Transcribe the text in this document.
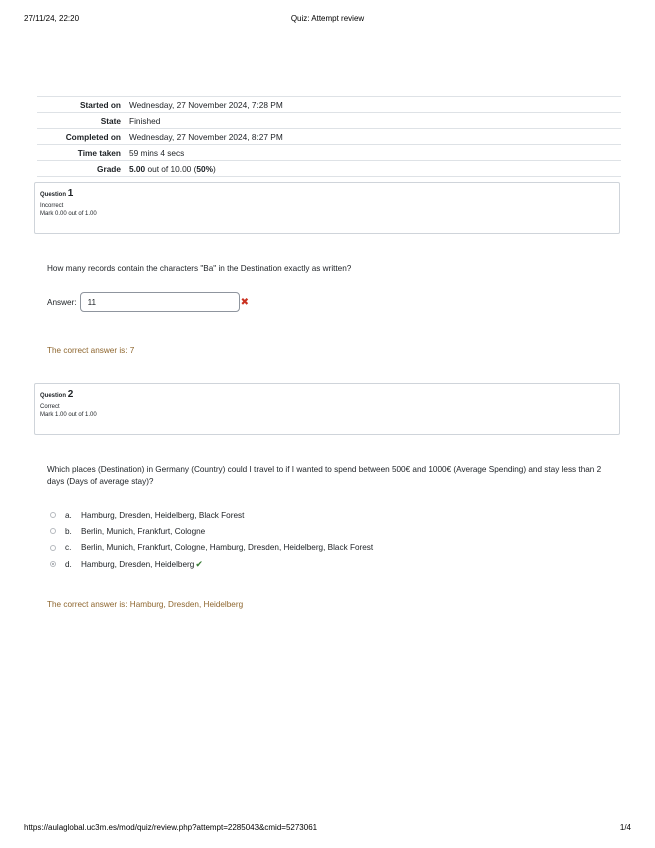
27/11/24, 22:20	Quiz: Attempt review
Started on	Wednesday, 27 November 2024, 7:28 PM
State	Finished
Completed on	Wednesday, 27 November 2024, 8:27 PM
Time taken	59 mins 4 secs
Grade	5.00 out of 10.00 (50%)
Question 1
Incorrect
Mark 0.00 out of 1.00
How many records contain the characters "Ba" in the Destination exactly as written?
Answer: 11	✖
The correct answer is: 7
Question 2
Correct
Mark 1.00 out of 1.00
Which places (Destination) in Germany (Country) could I travel to if I wanted to spend between 500€ and 1000€ (Average Spending) and stay less than 2 days (Days of average stay)?
a.	Hamburg, Dresden, Heidelberg, Black Forest
b.	Berlin, Munich, Frankfurt, Cologne
c.	Berlin, Munich, Frankfurt, Cologne, Hamburg, Dresden, Heidelberg, Black Forest
d.	Hamburg, Dresden, Heidelberg ✔
The correct answer is: Hamburg, Dresden, Heidelberg
https://aulaglobal.uc3m.es/mod/quiz/review.php?attempt=2285043&cmid=5273061	1/4
